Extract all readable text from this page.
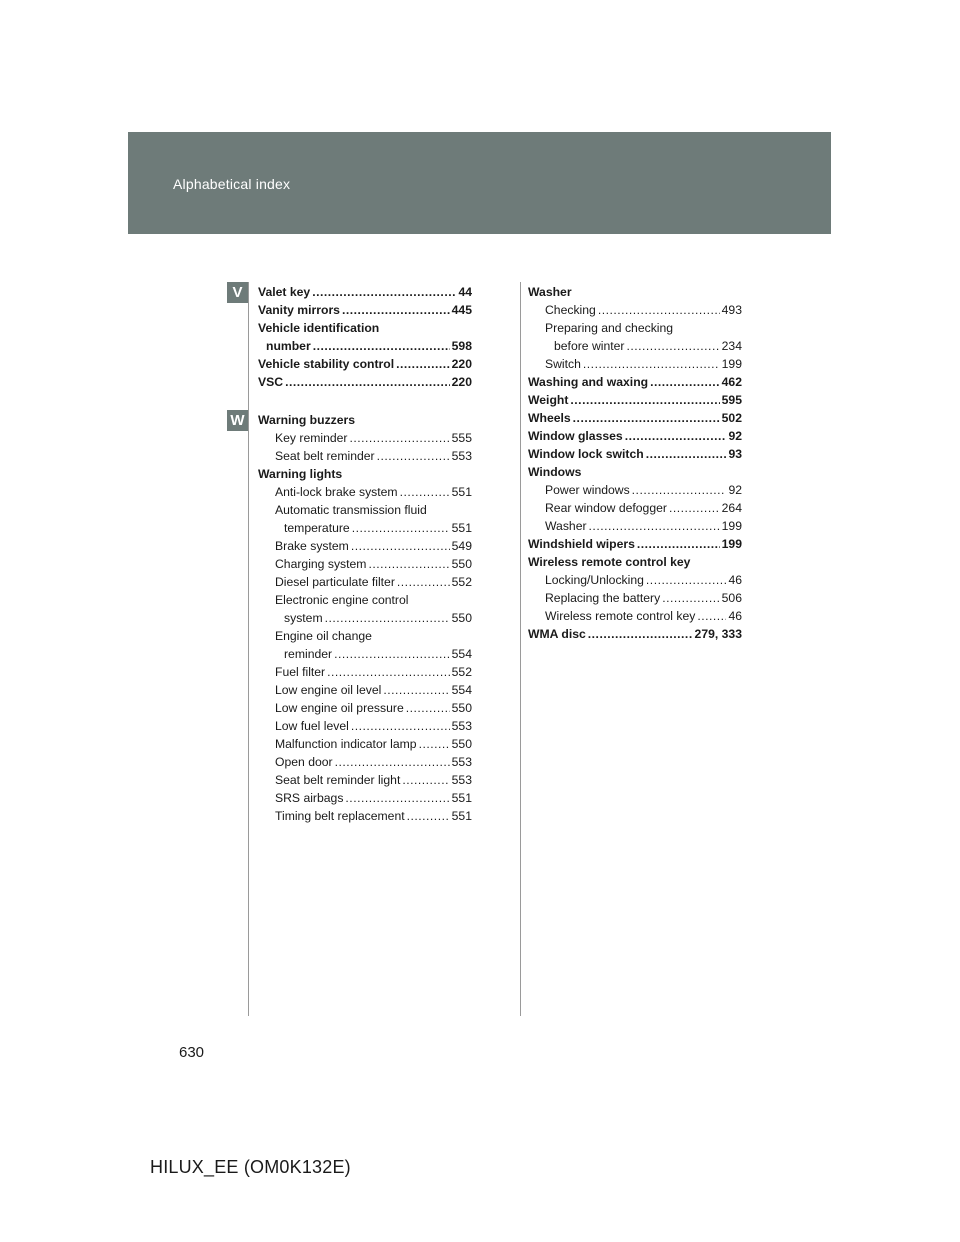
Alphabetical index
V
W
Valet key .....	44
Vanity mirrors .....	445
Vehicle identification
number .....	598
Vehicle stability control .....	220
VSC .....	220
Warning buzzers
Key reminder .....	555
Seat belt reminder .....	553
Warning lights
Anti-lock brake system .....	551
Automatic transmission fluid
temperature .....	551
Brake system .....	549
Charging system .....	550
Diesel particulate filter .....	552
Electronic engine control
system .....	550
Engine oil change
reminder .....	554
Fuel filter .....	552
Low engine oil level .....	554
Low engine oil pressure .....	550
Low fuel level .....	553
Malfunction indicator lamp .....	550
Open door .....	553
Seat belt reminder light .....	553
SRS airbags .....	551
Timing belt replacement .....	551
Washer
Checking .....	493
Preparing and checking
before winter .....	234
Switch .....	199
Washing and waxing .....	462
Weight .....	595
Wheels .....	502
Window glasses .....	92
Window lock switch .....	93
Windows
Power windows .....	92
Rear window defogger .....	264
Washer .....	199
Windshield wipers .....	199
Wireless remote control key
Locking/Unlocking .....	46
Replacing the battery .....	506
Wireless remote control key .....	46
WMA disc .....	279, 333
630
HILUX_EE (OM0K132E)
